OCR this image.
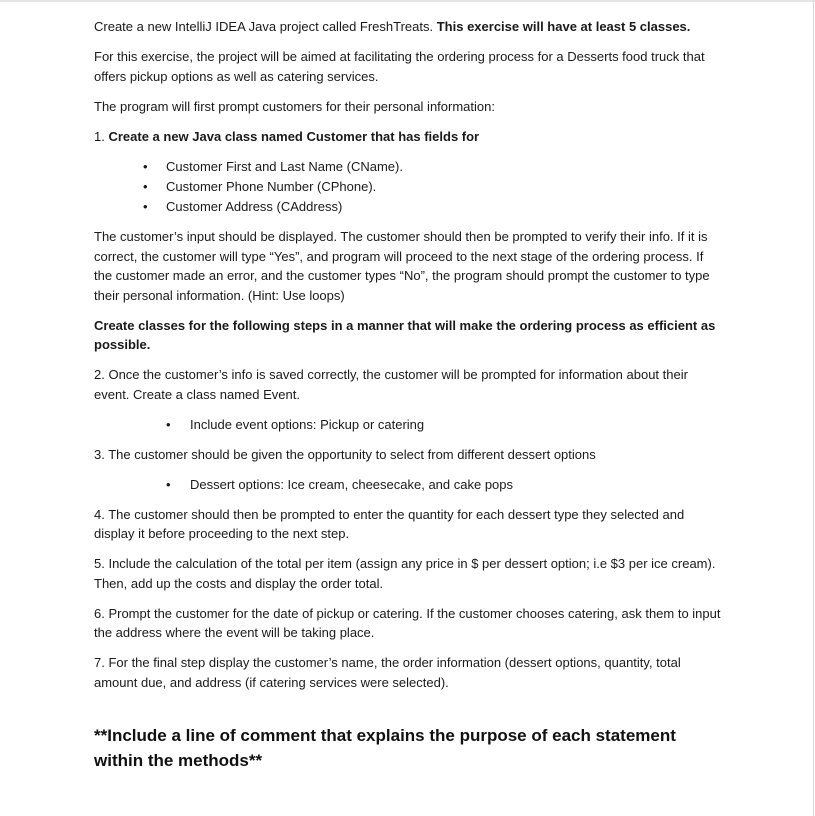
Create a new IntelliJ IDEA Java project called FreshTreats. This exercise will have at least 5 classes.

For this exercise, the project will be aimed at facilitating the ordering process for a Desserts food truck that offers pickup options as well as catering services.

The program will first prompt customers for their personal information:

1. Create a new Java class named Customer that has fields for

• Customer First and Last Name (CName).
• Customer Phone Number (CPhone).
• Customer Address (CAddress)

The customer’s input should be displayed. The customer should then be prompted to verify their info. If it is correct, the customer will type “Yes”, and program will proceed to the next stage of the ordering process. If the customer made an error, and the customer types “No”, the program should prompt the customer to type their personal information. (Hint: Use loops)

Create classes for the following steps in a manner that will make the ordering process as efficient as possible.

2. Once the customer’s info is saved correctly, the customer will be prompted for information about their event. Create a class named Event.

• Include event options: Pickup or catering

3. The customer should be given the opportunity to select from different dessert options

• Dessert options: Ice cream, cheesecake, and cake pops

4. The customer should then be prompted to enter the quantity for each dessert type they selected and display it before proceeding to the next step.

5. Include the calculation of the total per item (assign any price in $ per dessert option; i.e $3 per ice cream). Then, add up the costs and display the order total.

6. Prompt the customer for the date of pickup or catering. If the customer chooses catering, ask them to input the address where the event will be taking place.

7. For the final step display the customer’s name, the order information (dessert options, quantity, total amount due, and address (if catering services were selected).

**Include a line of comment that explains the purpose of each statement within the methods**
